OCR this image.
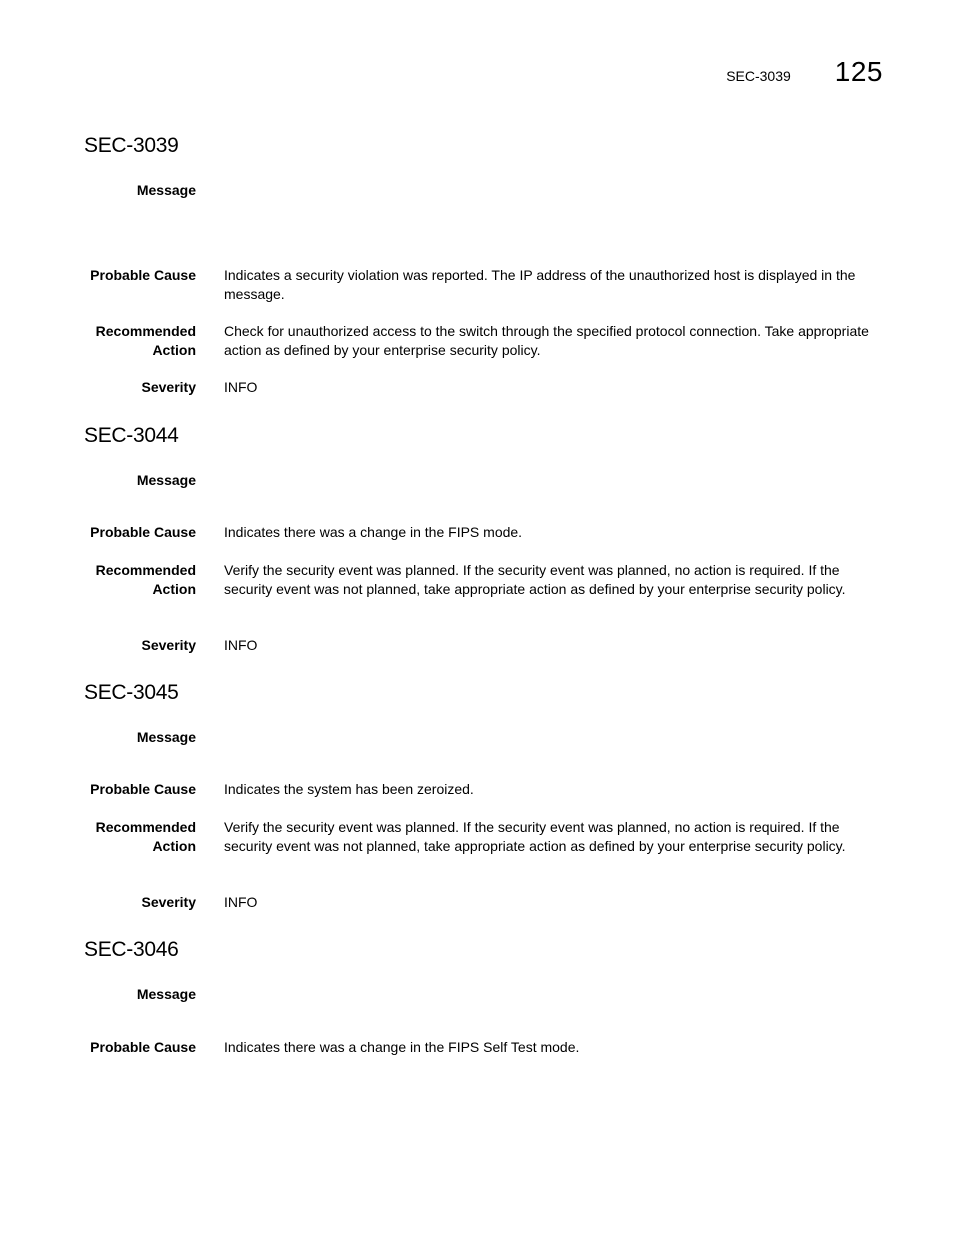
SEC-3039 125
SEC-3039
Message
Probable Cause Indicates a security violation was reported. The IP address of the unauthorized host is displayed in the message.
Recommended Action
Check for unauthorized access to the switch through the specified protocol connection. Take appropriate action as defined by your enterprise security policy.
Severity INFO
SEC-3044
Message
Probable Cause Indicates there was a change in the FIPS mode.
Recommended Action
Verify the security event was planned. If the security event was planned, no action is required. If the security event was not planned, take appropriate action as defined by your enterprise security policy.
Severity INFO
SEC-3045
Message
Probable Cause Indicates the system has been zeroized.
Recommended Action
Verify the security event was planned. If the security event was planned, no action is required. If the security event was not planned, take appropriate action as defined by your enterprise security policy.
Severity INFO
SEC-3046
Message
Probable Cause Indicates there was a change in the FIPS Self Test mode.
